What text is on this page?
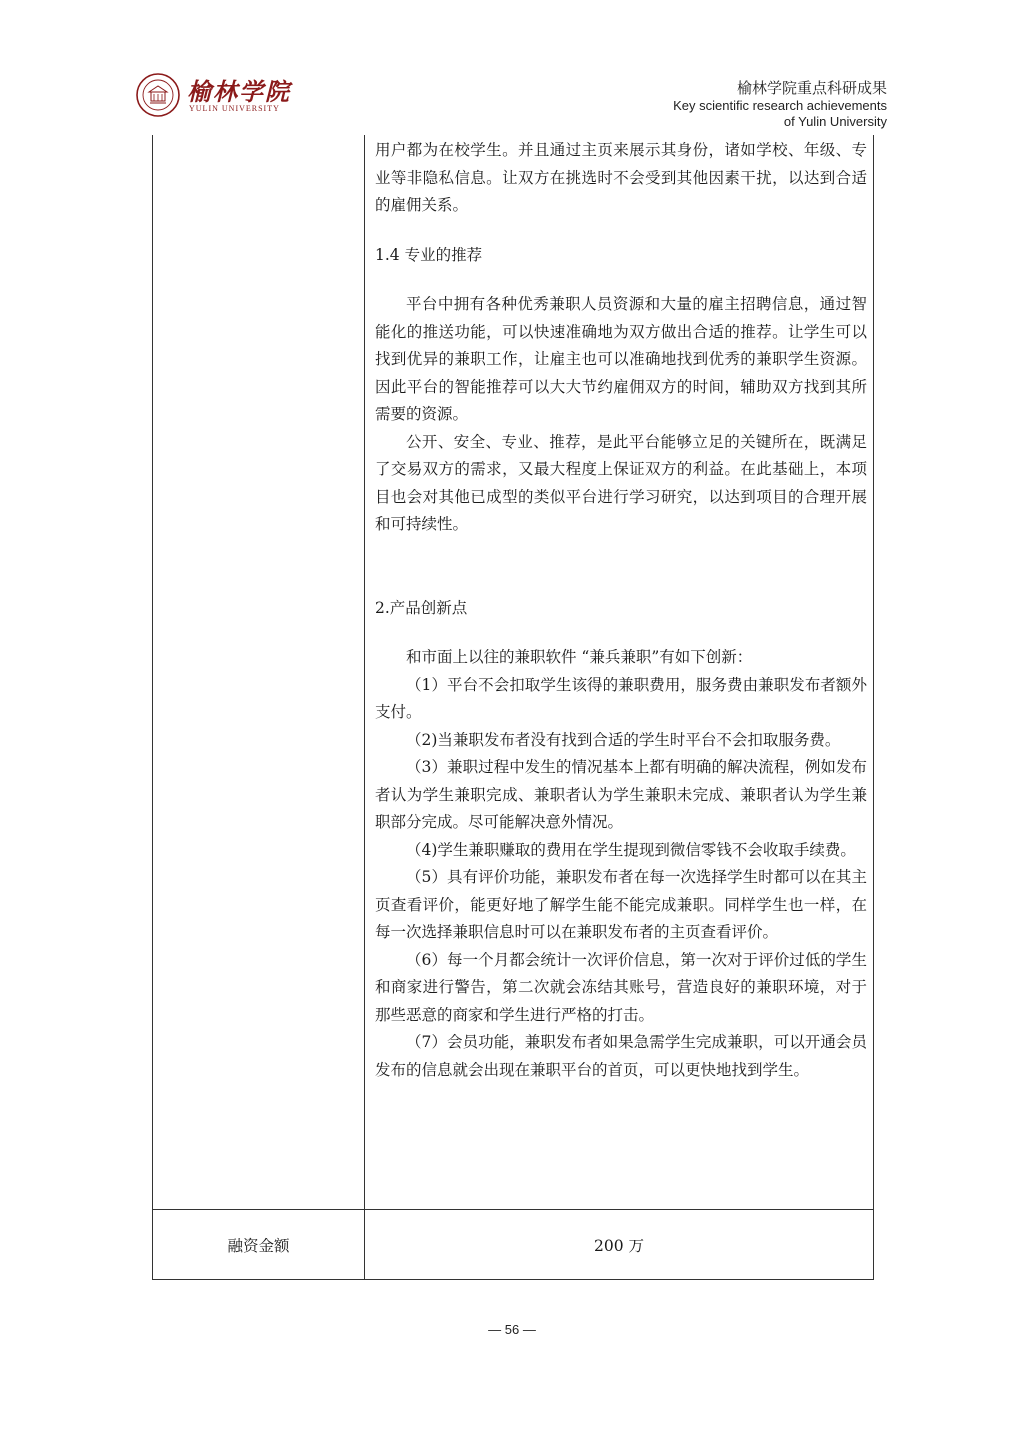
榆林学院
YULIN UNIVERSITY
榆林学院重点科研成果
Key scientific research achievements
of Yulin University

用户都为在校学生。并且通过主页来展示其身份，诸如学校、年级、专业等非隐私信息。让双方在挑选时不会受到其他因素干扰，以达到合适的雇佣关系。

1.4 专业的推荐

平台中拥有各种优秀兼职人员资源和大量的雇主招聘信息，通过智能化的推送功能，可以快速准确地为双方做出合适的推荐。让学生可以找到优异的兼职工作，让雇主也可以准确地找到优秀的兼职学生资源。因此平台的智能推荐可以大大节约雇佣双方的时间，辅助双方找到其所需要的资源。

公开、安全、专业、推荐，是此平台能够立足的关键所在，既满足了交易双方的需求，又最大程度上保证双方的利益。在此基础上，本项目也会对其他已成型的类似平台进行学习研究，以达到项目的合理开展和可持续性。

2.产品创新点

和市面上以往的兼职软件 “兼兵兼职”有如下创新：

（1）平台不会扣取学生该得的兼职费用，服务费由兼职发布者额外支付。

（2)当兼职发布者没有找到合适的学生时平台不会扣取服务费。

（3）兼职过程中发生的情况基本上都有明确的解决流程，例如发布者认为学生兼职完成、兼职者认为学生兼职未完成、兼职者认为学生兼职部分完成。尽可能解决意外情况。

（4)学生兼职赚取的费用在学生提现到微信零钱不会收取手续费。

（5）具有评价功能，兼职发布者在每一次选择学生时都可以在其主页查看评价，能更好地了解学生能不能完成兼职。同样学生也一样，在每一次选择兼职信息时可以在兼职发布者的主页查看评价。

（6）每一个月都会统计一次评价信息，第一次对于评价过低的学生和商家进行警告，第二次就会冻结其账号，营造良好的兼职环境，对于那些恶意的商家和学生进行严格的打击。

（7）会员功能，兼职发布者如果急需学生完成兼职，可以开通会员发布的信息就会出现在兼职平台的首页，可以更快地找到学生。

融资金额	200 万
— 56 —
